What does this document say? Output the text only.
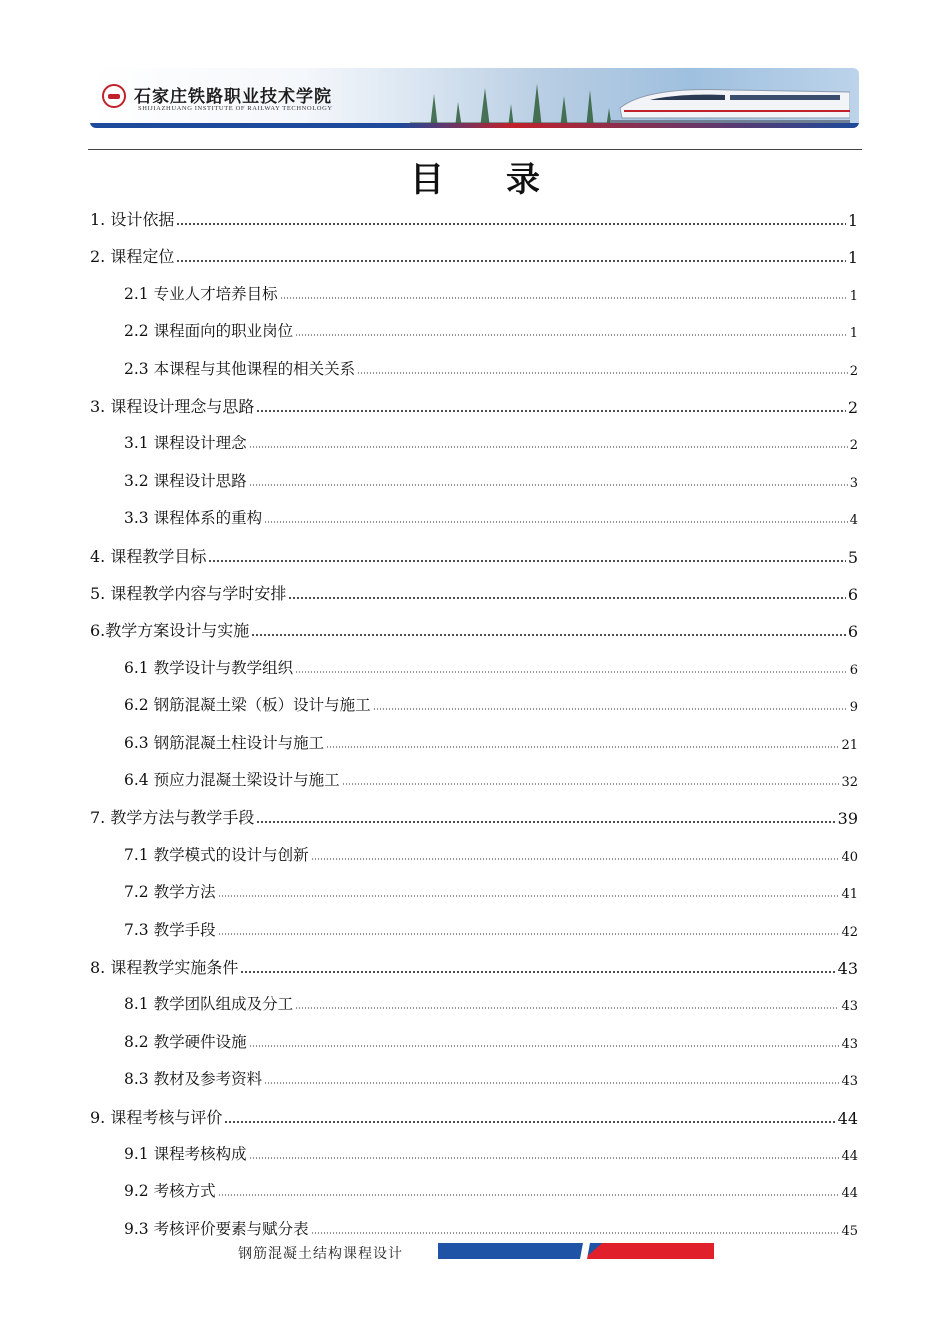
石家庄铁路职业技术学院
SHIJIAZHUANG INSTITUTE OF RAILWAY TECHNOLOGY
目录
1. 设计依据	1
2. 课程定位	1
2.1 专业人才培养目标	1
2.2 课程面向的职业岗位	1
2.3 本课程与其他课程的相关关系	2
3. 课程设计理念与思路	2
3.1 课程设计理念	2
3.2 课程设计思路	3
3.3 课程体系的重构	4
4. 课程教学目标	5
5. 课程教学内容与学时安排	6
6.教学方案设计与实施	6
6.1 教学设计与教学组织	6
6.2 钢筋混凝土梁（板）设计与施工	9
6.3 钢筋混凝土柱设计与施工	21
6.4 预应力混凝土梁设计与施工	32
7. 教学方法与教学手段	39
7.1 教学模式的设计与创新	40
7.2 教学方法	41
7.3 教学手段	42
8. 课程教学实施条件	43
8.1 教学团队组成及分工	43
8.2 教学硬件设施	43
8.3 教材及参考资料	43
9. 课程考核与评价	44
9.1 课程考核构成	44
9.2 考核方式	44
9.3 考核评价要素与赋分表	45
钢筋混凝土结构课程设计
